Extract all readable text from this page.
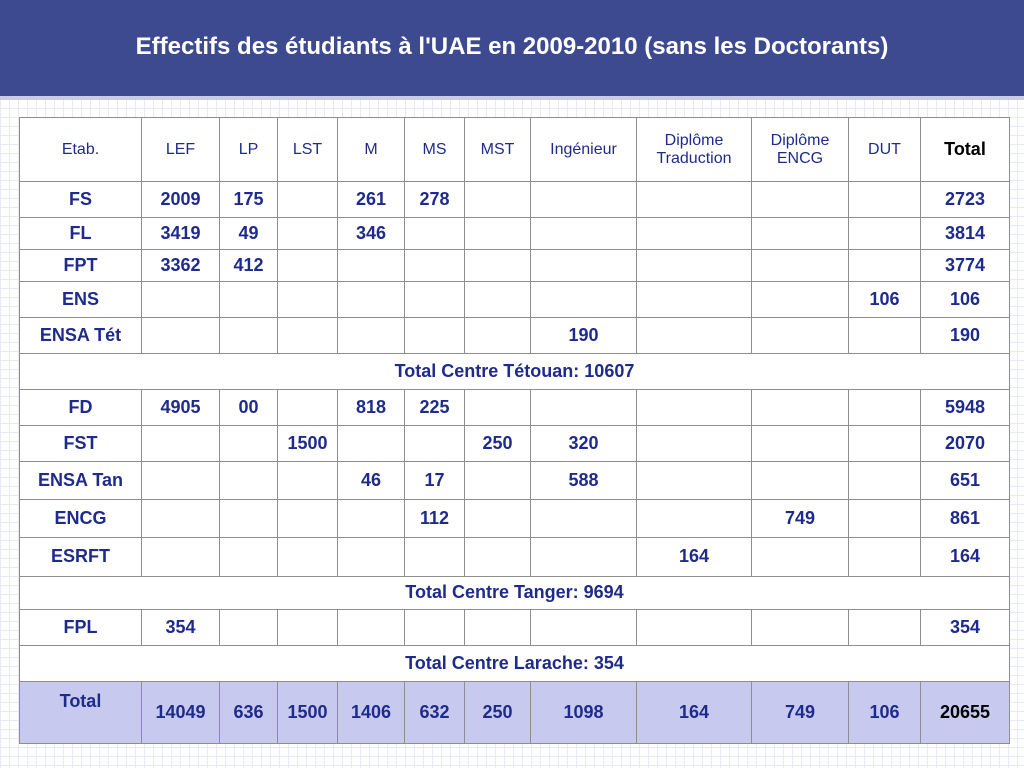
Effectifs des étudiants à l'UAE en 2009-2010 (sans les Doctorants)
Etab.	LEF	LP	LST	M	MS	MST	Ingénieur	Diplôme Traduction	Diplôme ENCG	DUT	Total
FS	2009	175		261	278						2723
FL	3419	49		346							3814
FPT	3362	412									3774
ENS										106	106
ENSA Tét							190				190
Total Centre Tétouan: 10607											
FD	4905	00		818	225						5948
FST			1500			250	320				2070
ENSA Tan				46	17		588				651
ENCG					112				749		861
ESRFT								164			164
Total Centre Tanger: 9694											
FPL	354										354
Total Centre Larache: 354											
Total	14049	636	1500	1406	632	250	1098	164	749	106	20655
